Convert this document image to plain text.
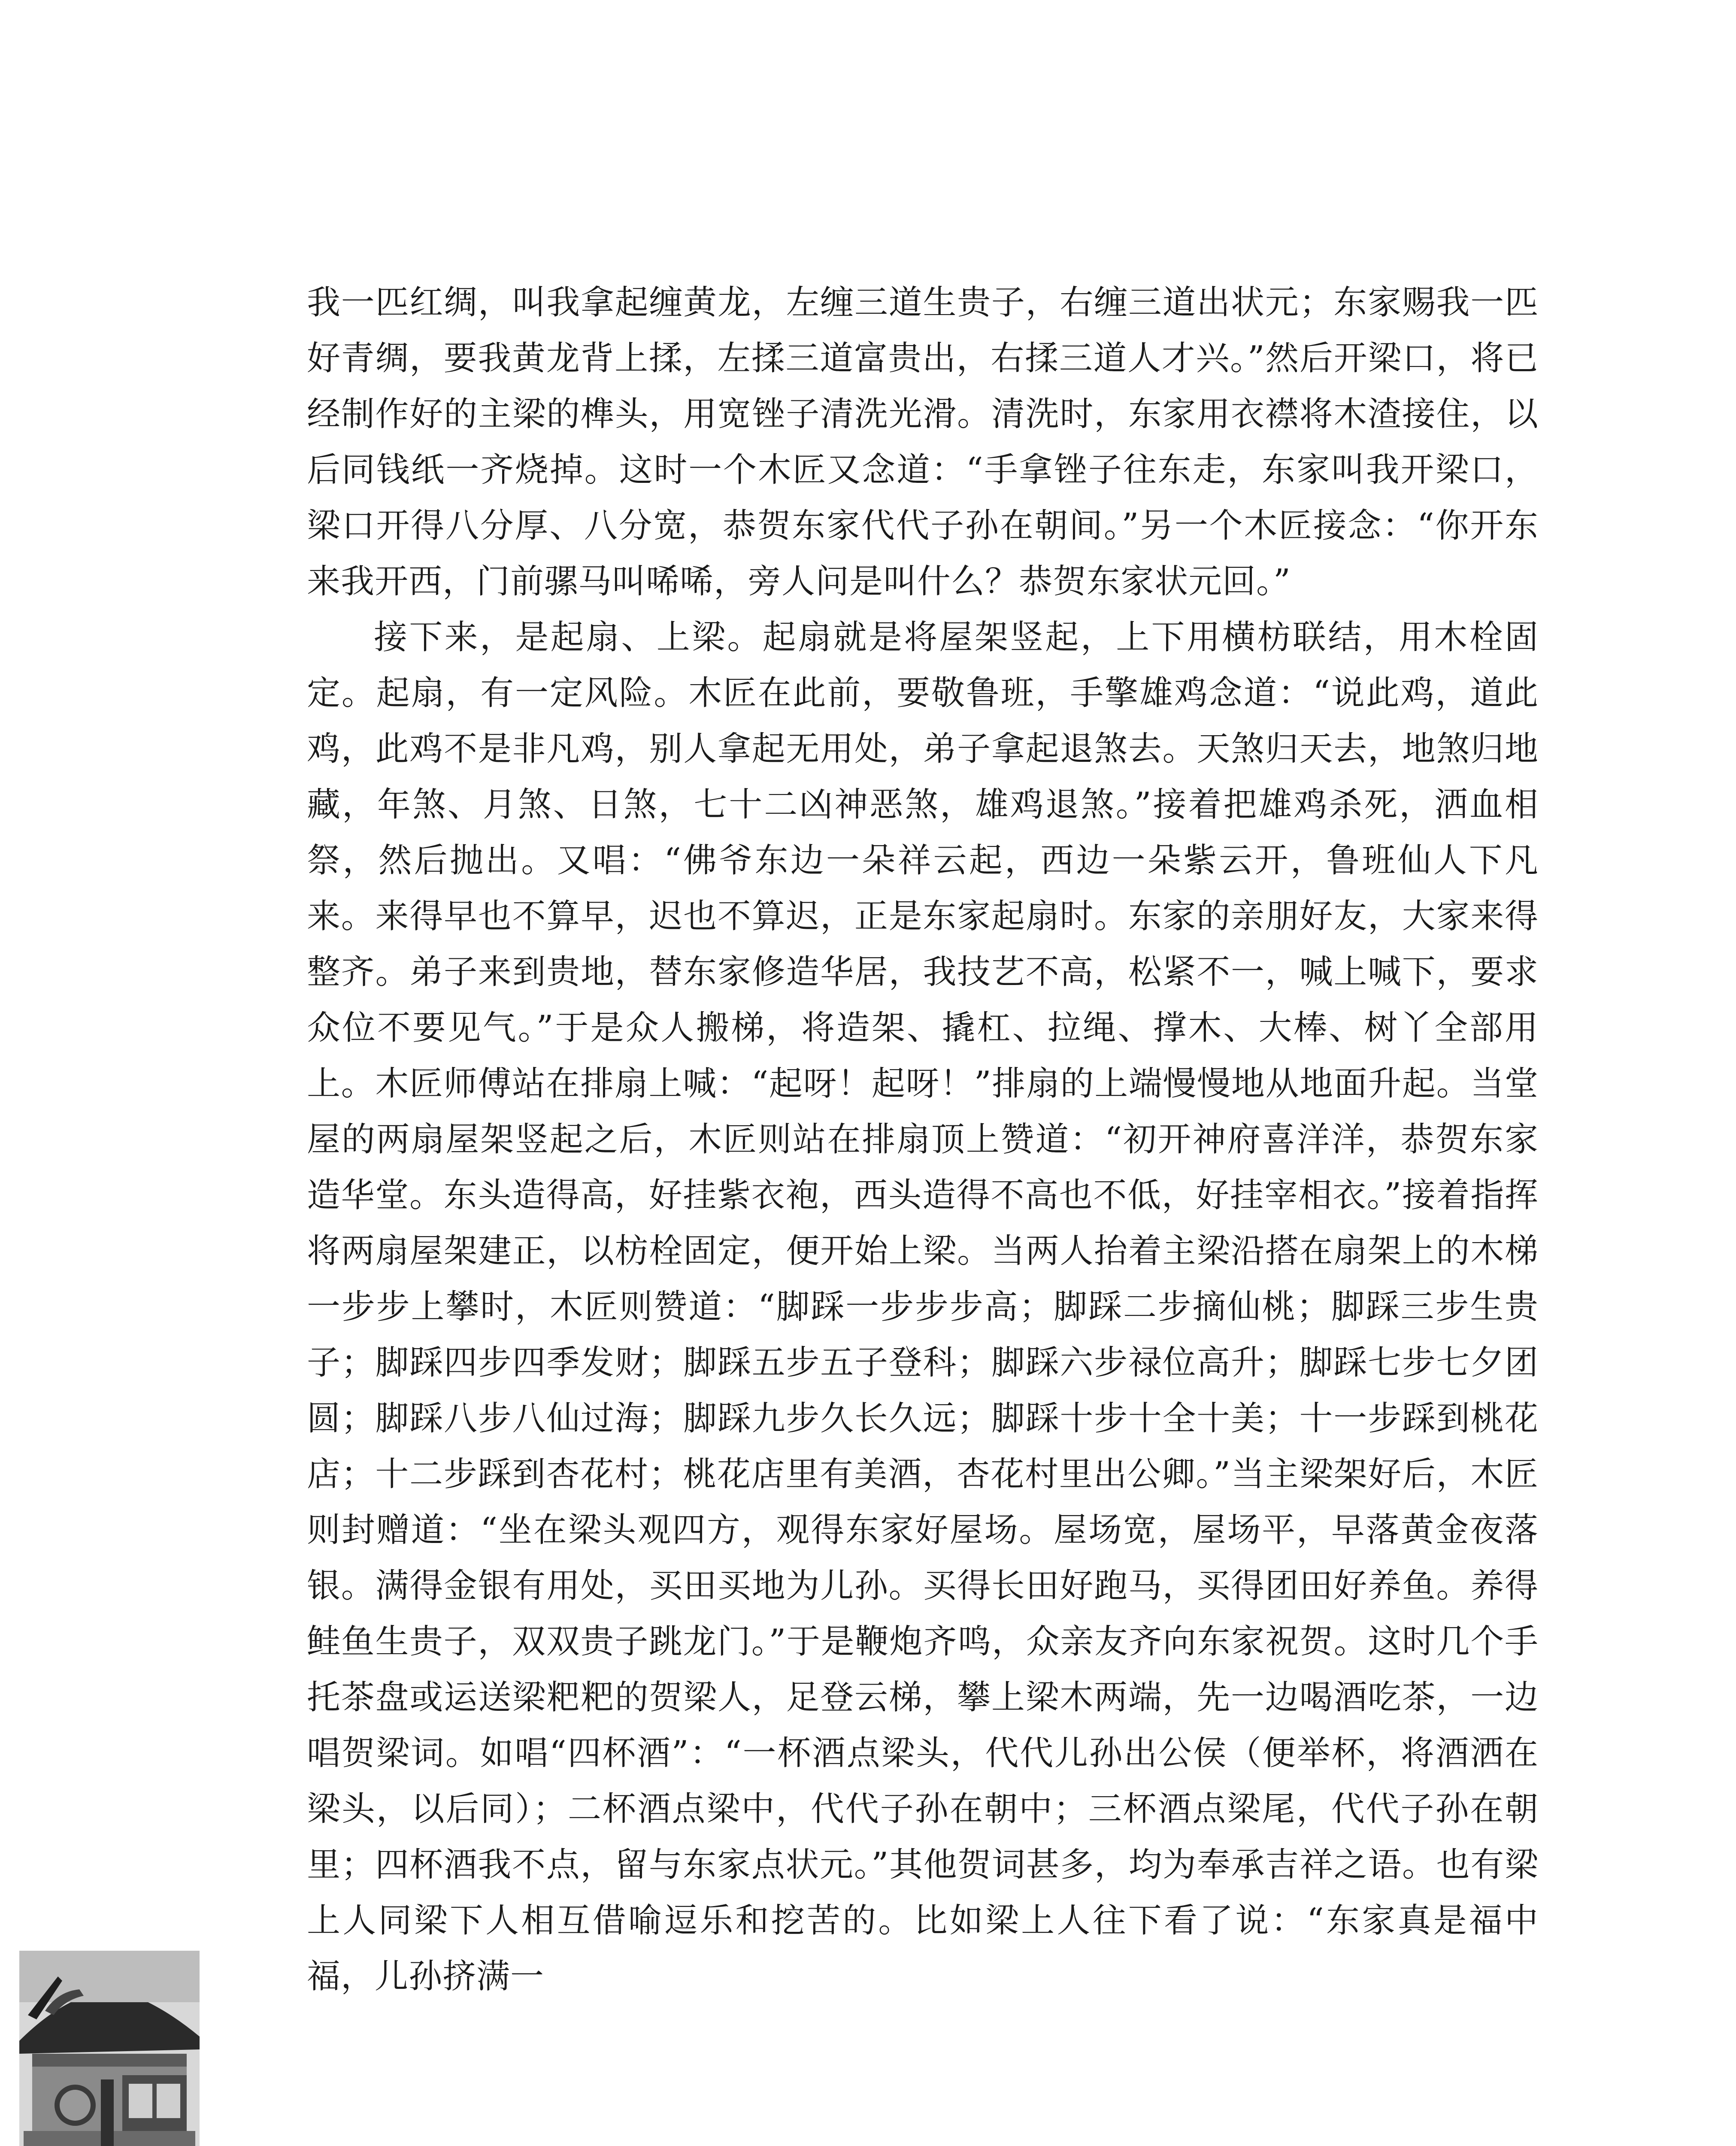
我一匹红绸，叫我拿起缠黄龙，左缠三道生贵子，右缠三道出状元；东家赐我一匹好青绸，要我黄龙背上揉，左揉三道富贵出，右揉三道人才兴。”然后开梁口，将已经制作好的主梁的榫头，用宽锉子清洗光滑。清洗时，东家用衣襟将木渣接住，以后同钱纸一齐烧掉。这时一个木匠又念道：“手拿锉子往东走，东家叫我开梁口，梁口开得八分厚、八分宽，恭贺东家代代子孙在朝间。”另一个木匠接念：“你开东来我开西，门前骡马叫唏唏，旁人问是叫什么？恭贺东家状元回。”

接下来，是起扇、上梁。起扇就是将屋架竖起，上下用横枋联结，用木栓固定。起扇，有一定风险。木匠在此前，要敬鲁班，手擎雄鸡念道：“说此鸡，道此鸡，此鸡不是非凡鸡，别人拿起无用处，弟子拿起退煞去。天煞归天去，地煞归地藏，年煞、月煞、日煞，七十二凶神恶煞，雄鸡退煞。”接着把雄鸡杀死，洒血相祭，然后抛出。又唱：“佛爷东边一朵祥云起，西边一朵紫云开，鲁班仙人下凡来。来得早也不算早，迟也不算迟，正是东家起扇时。东家的亲朋好友，大家来得整齐。弟子来到贵地，替东家修造华居，我技艺不高，松紧不一，喊上喊下，要求众位不要见气。”于是众人搬梯，将造架、撬杠、拉绳、撑木、大棒、树丫全部用上。木匠师傅站在排扇上喊：“起呀！起呀！”排扇的上端慢慢地从地面升起。当堂屋的两扇屋架竖起之后，木匠则站在排扇顶上赞道：“初开神府喜洋洋，恭贺东家造华堂。东头造得高，好挂紫衣袍，西头造得不高也不低，好挂宰相衣。”接着指挥将两扇屋架建正，以枋栓固定，便开始上梁。当两人抬着主梁沿搭在扇架上的木梯一步步上攀时，木匠则赞道：“脚踩一步步步高；脚踩二步摘仙桃；脚踩三步生贵子；脚踩四步四季发财；脚踩五步五子登科；脚踩六步禄位高升；脚踩七步七夕团圆；脚踩八步八仙过海；脚踩九步久长久远；脚踩十步十全十美；十一步踩到桃花店；十二步踩到杏花村；桃花店里有美酒，杏花村里出公卿。”当主梁架好后，木匠则封赠道：“坐在梁头观四方，观得东家好屋场。屋场宽，屋场平，早落黄金夜落银。满得金银有用处，买田买地为儿孙。买得长田好跑马，买得团田好养鱼。养得鲑鱼生贵子，双双贵子跳龙门。”于是鞭炮齐鸣，众亲友齐向东家祝贺。这时几个手托茶盘或运送梁粑粑的贺梁人，足登云梯，攀上梁木两端，先一边喝酒吃茶，一边唱贺梁词。如唱“四杯酒”：“一杯酒点梁头，代代儿孙出公侯（便举杯，将酒洒在梁头，以后同）；二杯酒点梁中，代代子孙在朝中；三杯酒点梁尾，代代子孙在朝里；四杯酒我不点，留与东家点状元。”其他贺词甚多，均为奉承吉祥之语。也有梁上人同梁下人相互借喻逗乐和挖苦的。比如梁上人往下看了说：“东家真是福中福，儿孙挤满一
